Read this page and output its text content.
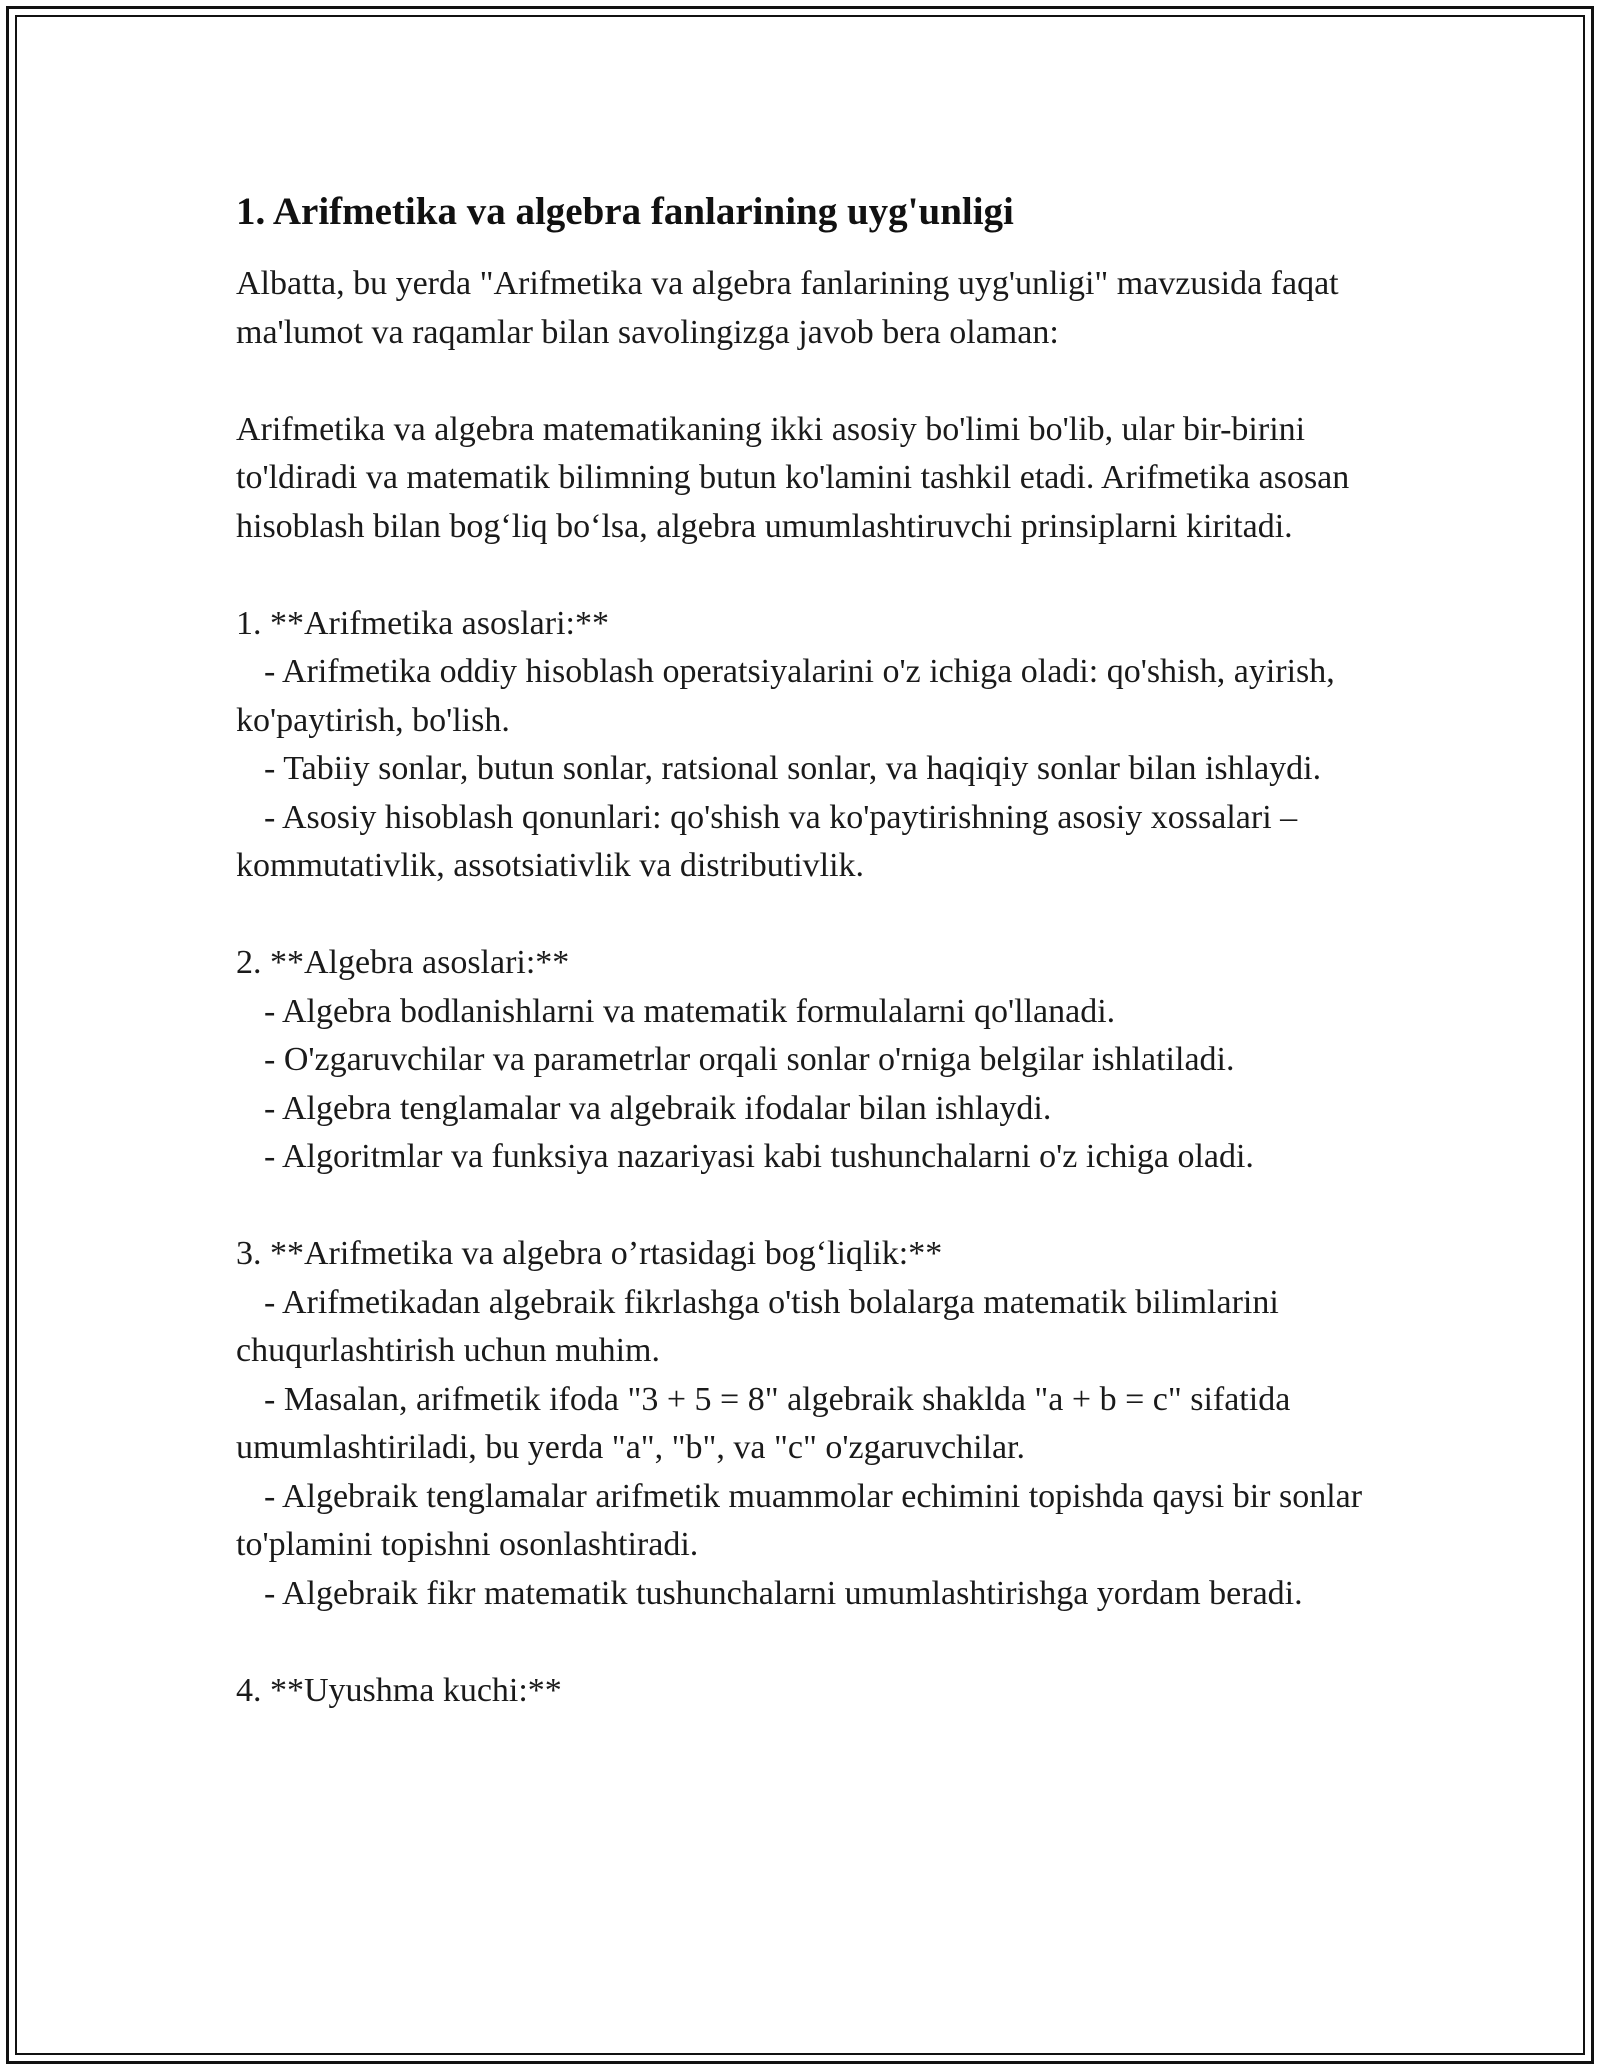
1. Arifmetika va algebra fanlarining uyg'unligi

Albatta, bu yerda "Arifmetika va algebra fanlarining uyg'unligi" mavzusida faqat ma'lumot va raqamlar bilan savolingizga javob bera olaman:

Arifmetika va algebra matematikaning ikki asosiy bo'limi bo'lib, ular bir-birini to'ldiradi va matematik bilimning butun ko'lamini tashkil etadi. Arifmetika asosan hisoblash bilan bog‘liq bo‘lsa, algebra umumlashtiruvchi prinsiplarni kiritadi.

1. **Arifmetika asoslari:**

- Arifmetika oddiy hisoblash operatsiyalarini o'z ichiga oladi: qo'shish, ayirish, ko'paytirish, bo'lish.

- Tabiiy sonlar, butun sonlar, ratsional sonlar, va haqiqiy sonlar bilan ishlaydi.

- Asosiy hisoblash qonunlari: qo'shish va ko'paytirishning asosiy xossalari – kommutativlik, assotsiativlik va distributivlik.

2. **Algebra asoslari:**

- Algebra bodlanishlarni va matematik formulalarni qo'llanadi.

- O'zgaruvchilar va parametrlar orqali sonlar o'rniga belgilar ishlatiladi.

- Algebra tenglamalar va algebraik ifodalar bilan ishlaydi.

- Algoritmlar va funksiya nazariyasi kabi tushunchalarni o'z ichiga oladi.

3. **Arifmetika va algebra o’rtasidagi bog‘liqlik:**

- Arifmetikadan algebraik fikrlashga o'tish bolalarga matematik bilimlarini chuqurlashtirish uchun muhim.

- Masalan, arifmetik ifoda "3 + 5 = 8" algebraik shaklda "a + b = c" sifatida umumlashtiriladi, bu yerda "a", "b", va "c" o'zgaruvchilar.

- Algebraik tenglamalar arifmetik muammolar echimini topishda qaysi bir sonlar to'plamini topishni osonlashtiradi.

- Algebraik fikr matematik tushunchalarni umumlashtirishga yordam beradi.

4. **Uyushma kuchi:**
